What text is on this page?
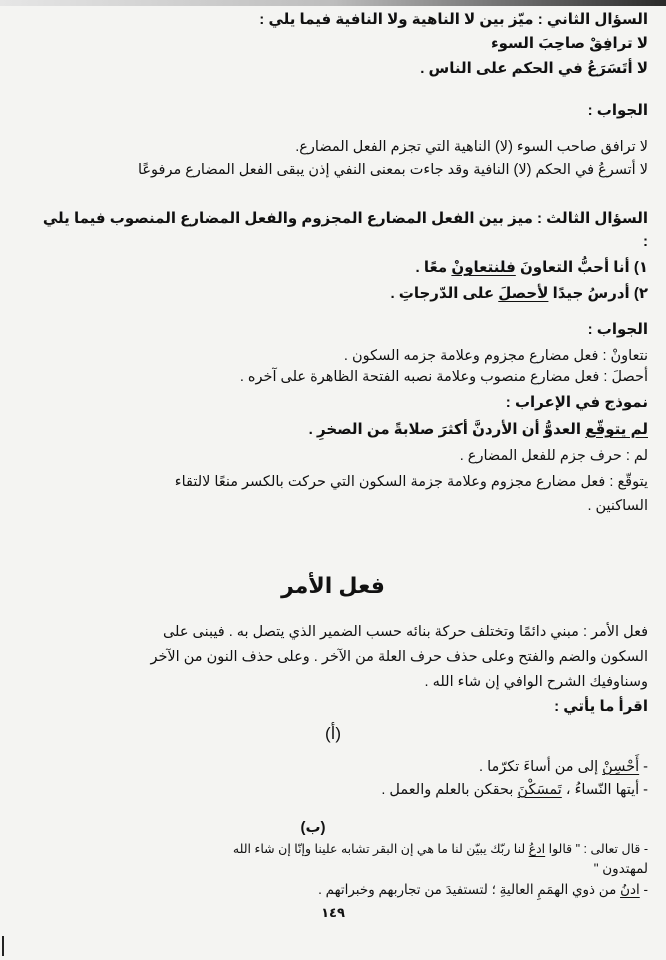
السؤال الثاني : ميّز بين لا الناهية ولا النافية فيما يلي :
لا ترافِقْ صاحِبَ السوء
لا أتَسَرَعُ في الحكم على الناس .
الجواب :
لا ترافق صاحب السوء (لا) الناهية التي تجزم الفعل المضارع.
لا أتسرعُ في الحكم (لا) النافية وقد جاءت بمعنى النفي إذن يبقى الفعل المضارع مرفوعًا
السؤال الثالث : ميز بين الفعل المضارع المجزوم والفعل المضارع المنصوب فيما يلي
:
١) أنا أحبُّ التعاونَ فلنتعاونْ معًا .
٢) أدرسُ جيدًا لأحصلَ على الدّرجاتِ .
الجواب :
نتعاونْ : فعل مضارع مجزوم وعلامة جزمه السكون .
أحصلَ : فعل مضارع منصوب وعلامة نصبه الفتحة الظاهرة على آخره .
نموذج في الإعراب :
لم يتوقّع العدوُّ أن الأردنَّ أكثرَ صلابةً من الصخرِ .
لم : حرف جزم للفعل المضارع .
يتوقّع : فعل مضارع مجزوم وعلامة جزمة السكون التي حركت بالكسر منعًا لالتقاء
الساكنين .
فعل الأمر
فعل الأمر : مبني دائمًا وتختلف حركة بنائه حسب الضمير الذي يتصل به . فيبنى على
السكون والضم والفتح وعلى حذف حرف العلة من الآخر . وعلى حذف النون من الآخر
وسناوفيك الشرح الوافي إن شاء الله .
اقرأ ما يأتي :
(أ)
- أَحْسِنْ إلى من أساءَ تكرّما .
- أيتها النّساءُ ، تَمسَكْنَ بحقكن بالعلم والعمل .
(ب)
- قال تعالى : " قالوا ادعُ لنا ربّك يبيّن لنا ما هي إن البقر تشابه علينا وإنّا إن شاء الله
لمهتدون "
- ادنُ من ذوي الهمَمِ العاليةِ ؛ لتستفيدَ من تجاربهم وخبراتهم .
١٤٩
